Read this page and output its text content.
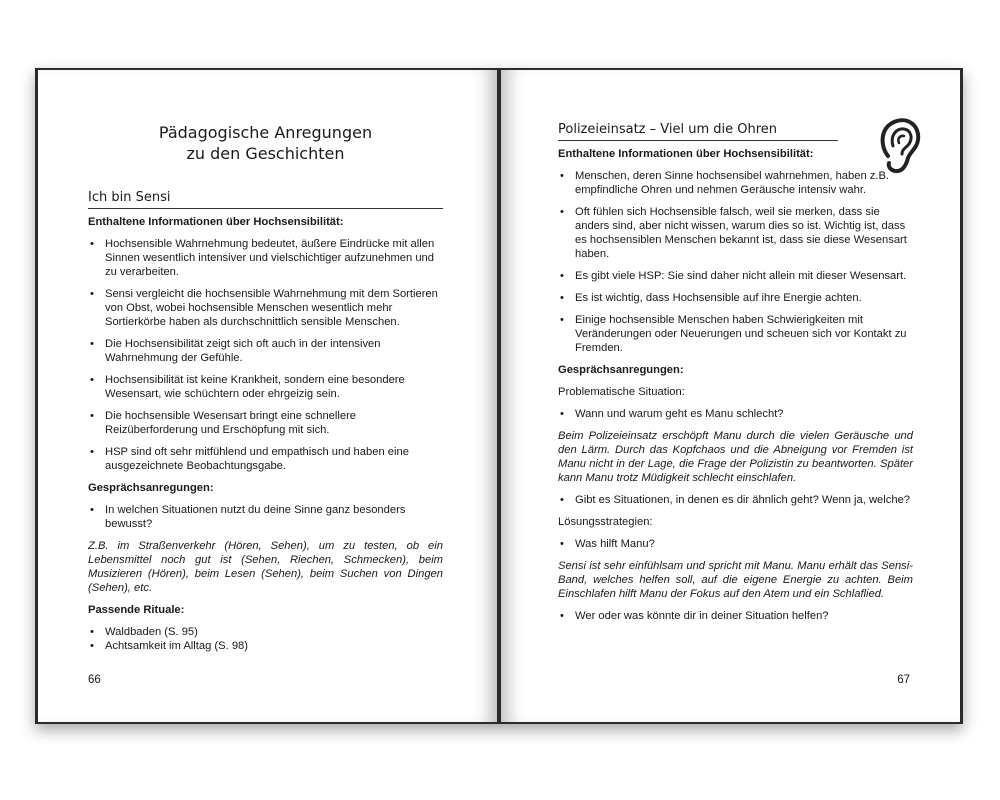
Pädagogische Anregungen
zu den Geschichten
Ich bin Sensi

Enthaltene Informationen über Hochsensibilität:

• Hochsensible Wahrnehmung bedeutet, äußere Eindrücke mit allen Sinnen wesentlich intensiver und vielschichtiger aufzunehmen und zu verarbeiten.
• Sensi vergleicht die hochsensible Wahrnehmung mit dem Sortieren von Obst, wobei hochsensible Menschen wesentlich mehr Sortierkörbe haben als durchschnittlich sensible Menschen.
• Die Hochsensibilität zeigt sich oft auch in der intensiven Wahrnehmung der Gefühle.
• Hochsensibilität ist keine Krankheit, sondern eine besondere Wesensart, wie schüchtern oder ehrgeizig sein.
• Die hochsensible Wesensart bringt eine schnellere Reizüberforderung und Erschöpfung mit sich.
• HSP sind oft sehr mitfühlend und empathisch und haben eine ausgezeichnete Beobachtungsgabe.

Gesprächsanregungen:

• In welchen Situationen nutzt du deine Sinne ganz besonders bewusst?

Z.B. im Straßenverkehr (Hören, Sehen), um zu testen, ob ein Lebensmittel noch gut ist (Sehen, Riechen, Schmecken), beim Musizieren (Hören), beim Lesen (Sehen), beim Suchen von Dingen (Sehen), etc.

Passende Rituale:

• Waldbaden (S. 95)
• Achtsamkeit im Alltag (S. 98)
66
Polizeieinsatz – Viel um die Ohren

Enthaltene Informationen über Hochsensibilität:

• Menschen, deren Sinne hochsensibel wahrnehmen, haben z.B. empfindliche Ohren und nehmen Geräusche intensiv wahr.
• Oft fühlen sich Hochsensible falsch, weil sie merken, dass sie anders sind, aber nicht wissen, warum dies so ist. Wichtig ist, dass es hochsensiblen Menschen bekannt ist, dass sie diese Wesensart haben.
• Es gibt viele HSP: Sie sind daher nicht allein mit dieser Wesensart.
• Es ist wichtig, dass Hochsensible auf ihre Energie achten.
• Einige hochsensible Menschen haben Schwierigkeiten mit Veränderungen oder Neuerungen und scheuen sich vor Kontakt zu Fremden.

Gesprächsanregungen:

Problematische Situation:

• Wann und warum geht es Manu schlecht?

Beim Polizeieinsatz erschöpft Manu durch die vielen Geräusche und den Lärm. Durch das Kopfchaos und die Abneigung vor Fremden ist Manu nicht in der Lage, die Frage der Polizistin zu beantworten. Später kann Manu trotz Müdigkeit schlecht einschlafen.

• Gibt es Situationen, in denen es dir ähnlich geht? Wenn ja, welche?

Lösungsstrategien:

• Was hilft Manu?

Sensi ist sehr einfühlsam und spricht mit Manu. Manu erhält das Sensi-Band, welches helfen soll, auf die eigene Energie zu achten. Beim Einschlafen hilft Manu der Fokus auf den Atem und ein Schlaflied.

• Wer oder was könnte dir in deiner Situation helfen?
67
